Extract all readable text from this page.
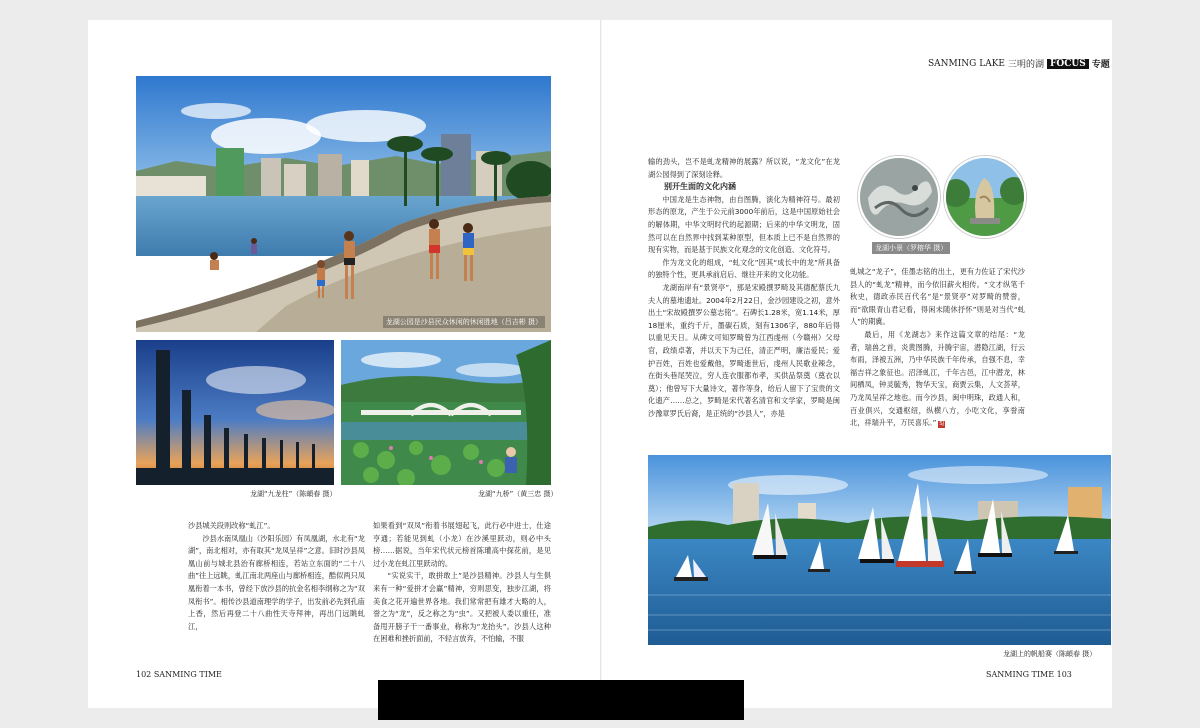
SANMING LAKE 三明的湖 FOCUS 专题
龙湖公园是沙县民众休闲的休闲胜地（吕吉彬 摄）
龙湖“九龙柱”（陈頔春 摄）	龙湖“九桥”（黄三忠 摄）

沙县城关段则改称“虬江”。

沙县水南凤凰山（沙阳乐园）有凤凰湖，水北有“龙湖”，南北相对，亦有取其“龙凤呈祥”之意。旧时沙县凤凰山前与城北县治有廊桥相连，若站立东面的“二十八曲”往上远眺，虬江南北两座山与廊桥相连，酷似两只凤凰衔着一本书，曾经下放沙县的抗金名相李纲称之为“双凤衔书”。相传沙县道南理学的学子，出发前必先到孔庙上香，然后再登二十八曲性天寺拜神，再出门远眺虬江，

如果看到“双凤”衔着书展翅起飞，此行必中进士，仕途亨通；若能见到虬（小龙）在沙溪里跃动，则必中头榜……据说，当年宋代状元榜首陈瓘高中探花前，是见过小龙在虬江里跃动的。

“实说实干，敢拼敢上”是沙县精神。沙县人与生俱来有一种“爱拼才会赢”精神，穷则思变，独步江湖，将美食之花开遍世界各地。我们常常把有雄才大略的人，誉之为“龙”，反之称之为“虫”。又把被人委以重任，准备甩开膀子干一番事业，称称为“龙抬头”。沙县人这种在困难和挫折面前，不轻言放弃，不怕输，不服

输的劲头，岂不是虬龙精神的展露？所以说，“龙文化”在龙湖公园得到了深刻诠释。

别开生面的文化内涵

中国龙是生态神物，由自图腾，演化为精神符号。最初形态的原龙，产生于公元前3000年前后，这是中国原始社会的解体期，中华文明时代的起源期；后来的中华文明龙，固然可以在自然界中找到某种原型，但本质上已不是自然界的现有实物，而是基于民族文化观念的文化创造、文化符号。

作为龙文化的组成，“虬文化”因其“成长中的龙”所具备的独特个性，更具承前启后、继往开来的文化功能。

龙湖南岸有“景贤亭”，那是宋殿撰罗畸及其德配蔡氏九夫人的墓地遗址。2004年2月22日，金沙园建设之初，意外出土“宋故殿撰罗公墓志铭”。石碑长1.28米，宽1.14米，厚18厘米，重约千斤，墨碳石质，刻有1306字，880年后得以重见天日。从碑文可知罗畸曾为江西虔州（今赣州）父母官，政绩卓著，并以天下为己任，清正严明，廉洁爱民；爱护百姓，百姓也爱戴他，罗畸逝世后，虔州人民歌业辣念，在街头巷尾哭泣，穷人连衣服都布孝，买供品祭奠（奠衣以奠）；他曾写下大量诗文，著作等身，给后人留下了宝贵的文化遗产……总之，罗畸是宋代著名清官和文学家，罗畸是闽沙豫章罗氏后裔，是正统的“沙县人”，亦是

龙湖小景（罗榕华 摄）

虬城之“龙子”，佳墨志铭的出土，更有力佐证了宋代沙县人的“虬龙”精神，而今依旧薪火相传。“文才纵笔千秋史，德政赤民百代名”是“景贤亭”对罗畸的赞誉，而“欲眼青山君记看，得闲未随休抒怀”则是对当代“虬人”的期冀。

最后，用《龙湖志》来作这篇文章的结尾：“龙者，瑞兽之首，炎黄图腾，升腾宇宙，潜隐江湖，行云布雨，泽被五洲，乃中华民族千年传承，自强不息，幸福吉祥之象征也。沼泽虬江，千年古邑，江中潜龙，林间栖凤，钟灵毓秀，物华天宝，商贾云集，人文荟萃，乃龙凤呈祥之地也。而今沙县，闽中明珠，政通人和，百业俱兴，交通枢纽，纵横八方，小吃文化，享誉南北，祥瑞升平，万民喜乐。” SJ

龙湖上的帆船赛（陈頔春 摄）
102 SANMING TIME	SANMING TIME 103
